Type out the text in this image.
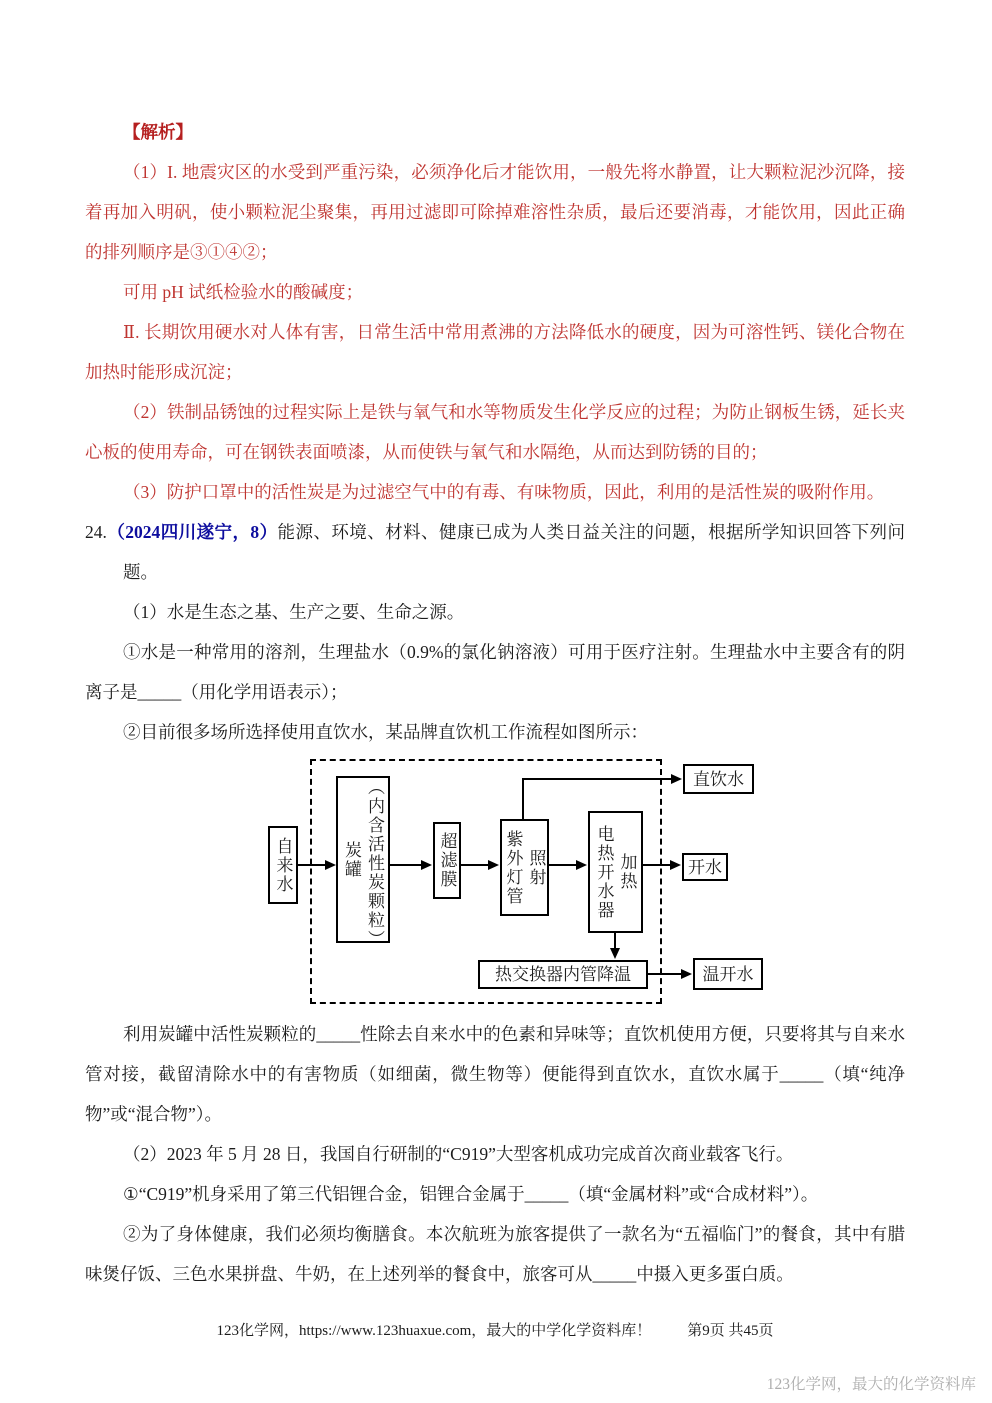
【解析】

（1）I. 地震灾区的水受到严重污染，必须净化后才能饮用，一般先将水静置，让大颗粒泥沙沉降，接着再加入明矾，使小颗粒泥尘聚集，再用过滤即可除掉难溶性杂质，最后还要消毒，才能饮用，因此正确的排列顺序是③①④②；

可用 pH 试纸检验水的酸碱度；

Ⅱ. 长期饮用硬水对人体有害，日常生活中常用煮沸的方法降低水的硬度，因为可溶性钙、镁化合物在加热时能形成沉淀；

（2）铁制品锈蚀的过程实际上是铁与氧气和水等物质发生化学反应的过程；为防止钢板生锈，延长夹心板的使用寿命，可在钢铁表面喷漆，从而使铁与氧气和水隔绝，从而达到防锈的目的；

（3）防护口罩中的活性炭是为过滤空气中的有毒、有味物质，因此，利用的是活性炭的吸附作用。

24.（2024四川遂宁，8）能源、环境、材料、健康已成为人类日益关注的问题，根据所学知识回答下列问题。

（1）水是生态之基、生产之要、生命之源。

①水是一种常用的溶剂，生理盐水（0.9%的氯化钠溶液）可用于医疗注射。生理盐水中主要含有的阴离子是_____（用化学用语表示）；

②目前很多场所选择使用直饮水，某品牌直饮机工作流程如图所示：

自来水	炭罐 （内含活性炭颗粒）	超滤膜	紫外灯管 照射	电热开水器 加热
直饮水
开水
热交换器内管降温	温开水

利用炭罐中活性炭颗粒的_____性除去自来水中的色素和异味等；直饮机使用方便，只要将其与自来水管对接，截留清除水中的有害物质（如细菌，微生物等）便能得到直饮水，直饮水属于_____（填“纯净物”或“混合物”）。

（2）2023 年 5 月 28 日，我国自行研制的“C919”大型客机成功完成首次商业载客飞行。

①“C919”机身采用了第三代铝锂合金，铝锂合金属于_____（填“金属材料”或“合成材料”）。

②为了身体健康，我们必须均衡膳食。本次航班为旅客提供了一款名为“五福临门”的餐食，其中有腊味煲仔饭、三色水果拼盘、牛奶，在上述列举的餐食中，旅客可从_____中摄入更多蛋白质。

123化学网，https://www.123huaxue.com，最大的中学化学资料库！ 第9页 共45页
123化学网，最大的化学资料库
